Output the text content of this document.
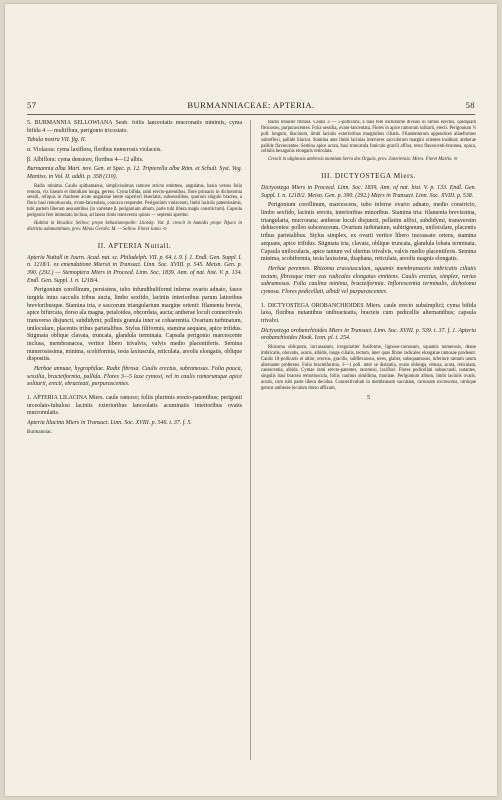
57	BURMANNIACEAE: APTERIA.	58

5. BURMANNIA SELLOWIANA Seub. foliis lanceolatis mucronatis minimis, cyma bifida 4 — multiflora, perigonio tricostato.

Tabula nostra VII. fig. II.

α. Violacea: cyma laxiflora, floribus numerosis violaceis.

β. Albiflora: cyma densiore, floribus 4—12 albis.

Burmannia alba Mart. nov. Gen. et Spec. p. 12. Tripterella alba Röm. et Schult. Syst. Veg. Mantiss. in Vol. II. addit. p. 358 (110).

Radix minima. Caulis spithamaeus, simplicissimus ramuve stricto emittens, angulatus, basin versus folia remota, vix lineam et dimidiam longa, gerens. Cyma bifida, rami erecto-patentibus, flore primario in dichotomia sessili, reliquis in rhachese acute angulatae latere superiori biseriatis, subsessilibus, quorum singulo bractea, a floris basi remotiuscula, ovato-lanceolata, concava respondet. Perigonium violaceum, limbi laciniis patentissimis, tubi partem liberam aequantibus (in varietate β. perigonium album, parte tubi libera magis constrictum). Capsula perigonio fere immutato inclusa, ad latera rimis transversis quinis — septenis aperitur.

Habitat in Brasilia: Sellow; prope Sebastianopolin: Lhotsky. Var. β. crescit in humidis prope Tejuco in districtu adamantinum, prov. Minas Geraës: M. — Sellow. Floret Junio. ⊙

II. APTERIA Nuttall.

Apteria Nuttall in Journ. Acad. nat. sc. Philadelph. VII. p. 64. t. 9. f. 1. Endl. Gen. Suppl. I. n. 1218/1. ex emendatione Miersii in Transact. Linn. Soc. XVIII. p. 545. Meisn. Gen. p. 390. (292.) — Stemoptera Miers in Proceed. Linn. Soc. 1839. Ann. of nat. hist. V. p. 134. Endl. Gen. Suppl. I. n. 1218/4.

Perigonium corollinum, persistens, tubo infundibuliformi inferne ovario adnato, fauce turgida intus sacculis tribus aucta, limbo sexfido, laciniis interioribus parum latioribus brevioribusque. Stamina tria, e saccorum triangularium margine orienti: filamenta brevia, apice bifurcata, dorso ala magna, petaloidea, obcordata, aucta; antherae loculi connectivulo transverso disjuncti, subdidymi; pollinis granula inter se cohaerentia. Ovarium turbinatum, uniloculare, placentis tribus parietalibus. Stylus filiformis, stamina aequans, apice trifidus. Stigmata oblique clavata, truncata, glandula terminata. Capsula perigonio marcescente inclusa, membranacea, vertice libero trivalvis, valvis medio placentiferis. Semina numerosissima, minima, scobiformia, testa laxiuscula, reticulata, areolis elongatis, oblique dispositis.

Herbae annuae, hygrophilae. Radix fibrosa. Caulis erectus, subramosus. Folia pauca, sessilia, bracteiformia, pallida. Flores 3—5 laxe cymosi, vel in caulis ramorumque apice solitarii, erecti, ebracteati, purpurascentes.

1. APTERIA LILACINA Miers. caule ramoso; foliis plurimis erecto-patentibus; perigonii urceolato-tubulosi laciniis exterioribus lanceolatis acuminatis interioribus ovatis mucronulatis.

Apteria lilacina Miers in Transact. Linn. Soc. XVIII. p. 546. t. 37. f. 5.

Burmanniac.

Radix tenuiter fibrosa. Caulis 3 — 5-pollicaris, a basi fere dichotome divisus in ramos erectos, quidquam flexuosos, purpurascentes. Folia sessilia, ovato-lanceolata. Flores in apice ramorum solitarii, erecti. Perigonium ½ poll. longum, lilacinum, limbi laciniis exterioribus marginibus ciliatis. Filamentorum appendices aliaeformes subreflexi, pallide lilacini. Stamina ante limbi lacinias interiores sacculorum margini orientes insidunt; antherae pallide flavescentes. Semina apice acuta, basi truncatula funiculo gracili affixa, testa flavescenti-brunnea, opaca, cellulis hexagonis elongatis reticulata.

Crescit in uliginosis umbrosis montium Serra dos Orgaôs, prov. Janeirensis: Miers. Floret Martio. ⊙

III. DICTYOSTEGA Miers.

Dictyostega Miers in Proceed. Linn. Soc. 1839. Ann. of nat. hist. V. p. 133. Endl. Gen. Suppl. I. n. 1218/2. Meisn. Gen. p. 390. (292.) Miers in Transact. Linn. Soc. XVIII. p. 538.

Perigonium corollinum, marcescens, tubo inferne ovario adnato, medio constricto, limbo sexfido, laciniis erectis, interioribus minoribus. Stamina tria: filamenta brevissima, triangularia, mucronata; antherae loculi disjuncti, pellatim affixi, subdidymi, transversim dehiscentes: pollen subceraceum. Ovarium turbinatum, subtrigonum, uniloculare, placentis tribus parietalibus. Stylus simplex, ex ovarii vertice libero incrassato oriens, stamina aequans, apice trifidus. Stigmata tria, clavata, oblique truncata, glandula lobata terminata. Capsula unilocularis, apice tantum vel ulterius trivalvis, valvis medio placentiferis. Semina minima, scobiformia, testa laxissima, diaphana, reticulata, areolis magnis elongatis.

Herbae perennes. Rhizoma crassiusculum, squamis membranaceis imbricatis ciliatis tectum, fibrasque inter eas radicales elongatas emittens. Caulis erectus, simplex, rarius subramosus. Folia caulina minima, bracteiformia. Inflorescentia terminalis, dichotoma cymosa. Flores pedicellati, albidi vel purpurascentes.

1. DICTYOSTEGA OROBANCHIOIDES Miers. caule erecto subsimplici; cyma bifida laxa, floribus nutantibus unibracteatis, bracteis cum pedicellis alternantibus; capsula trivalvi.

Dictyostega orobanchioides Miers in Transact. Linn. Soc. XVIII. p. 539. t. 37. f. 1. Apteria orobanchioides Hook. Icon. pl. t. 254.

Rhizoma obliquum, incrassatum, irregulariter fusiforme, lignoso-carnosum, squamis numerosis, dense imbricatis, obovatis, acutis, albidis, longe ciliatis, tectum, inter quas fibrae radicales elongatae ramosae prodeunt. Caulis 10-pollicaris et altior, erectus, gracilis, subflexuosus, teres, glaber, subsquamosus, inferiore ramum unum alternante proferens. Folia bracteiformia, 1—1 poll. inter se distantia, ovato oblonga, obtusa, acuta, reticulata, canescentia, albida. Cymae rami erecto-patentes, racemosi, laxiflori. Flores pedicellati subsecundi, nutantes, singulis basi bractea remotiuscula, foliis caulinis simillima, munitae. Perigonium album, limbi laciniis ovatis, acutis, cum tubi parte libera decidua. Connectivulum in membranam saccatam, carnosam excrescens, utrinque geruns antherae loculum dorso affixum,

5
